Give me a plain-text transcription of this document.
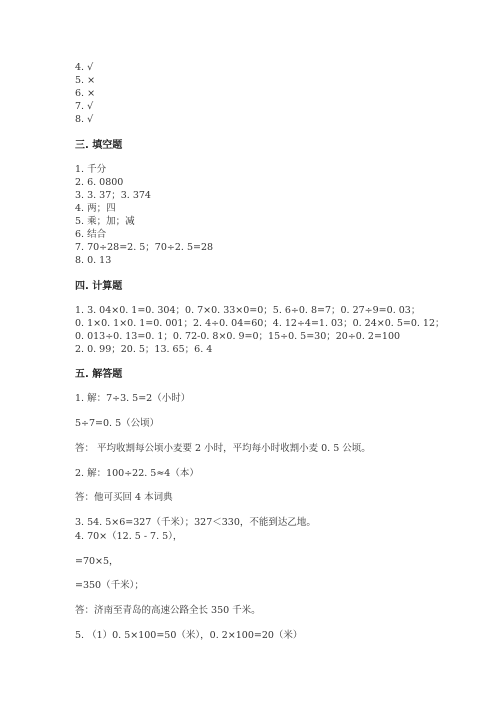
4. √
5. ×
6. ×
7. √
8. √
三. 填空题
1. 千分
2. 6. 0800
3. 3. 37；3. 374
4. 两；四
5. 乘；加；减
6. 结合
7. 70÷28=2. 5；70÷2. 5=28
8. 0. 13
四. 计算题
1. 3. 04×0. 1=0. 304；0. 7×0. 33×0=0；5. 6÷0. 8=7；0. 27÷9=0. 03；
0. 1×0. 1×0. 1=0. 001；2. 4÷0. 04=60；4. 12÷4=1. 03；0. 24×0. 5=0. 12；
0. 013÷0. 13=0. 1；0. 72-0. 8×0. 9=0；15÷0. 5=30；20÷0. 2=100
2. 0. 99；20. 5；13. 65；6. 4
五. 解答题
1. 解：7÷3. 5=2（小时）
5÷7=0. 5（公顷）
答： 平均收割每公顷小麦要 2 小时，平均每小时收割小麦 0. 5 公顷。
2. 解：100÷22. 5≈4（本）
答：他可买回 4 本词典
3. 54. 5×6=327（千米）；327＜330，不能到达乙地。
4. 70×（12. 5 - 7. 5），
=70×5，
=350（千米）；
答：济南至青岛的高速公路全长 350 千米。
5. （1）0. 5×100=50（米），0. 2×100=20（米）
